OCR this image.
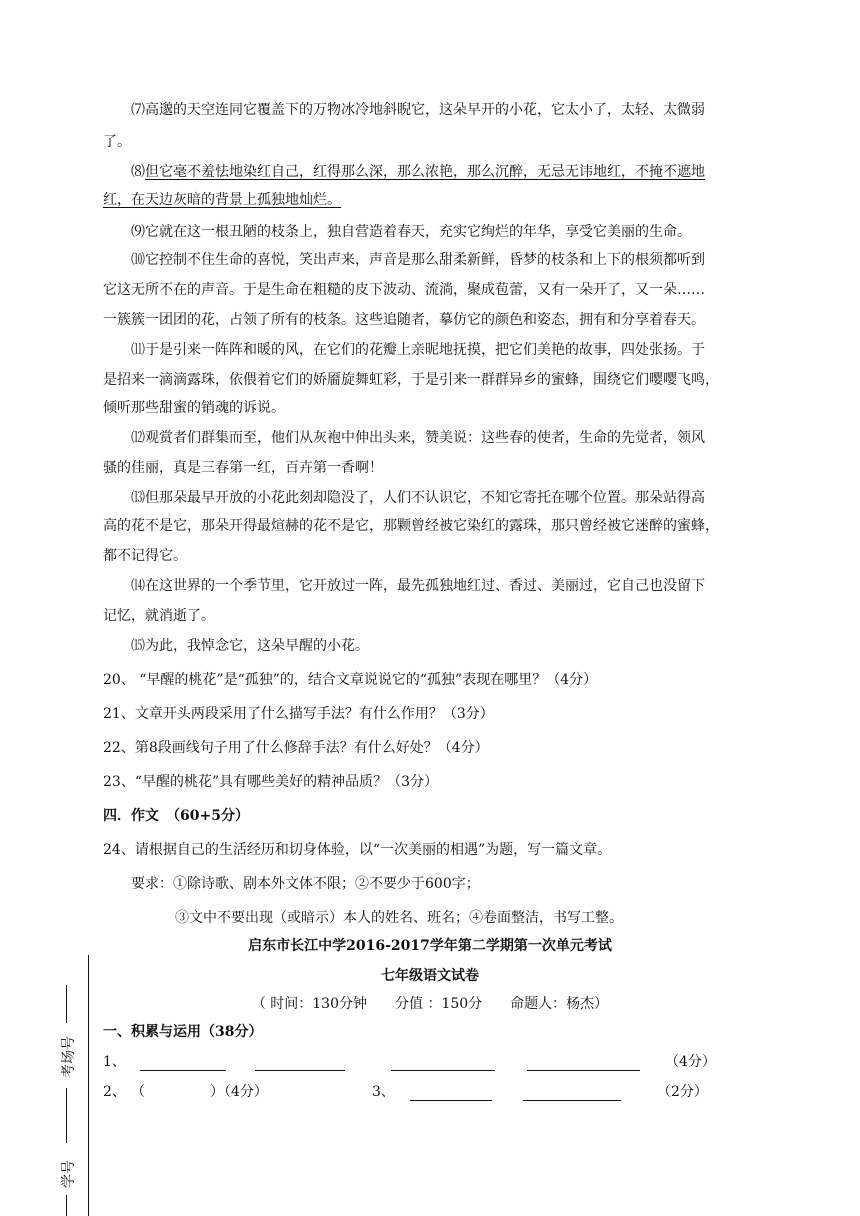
⑺高邈的天空连同它覆盖下的万物冰冷地斜睨它，这朵早开的小花，它太小了，太轻、太微弱
了。
⑻但它毫不羞怯地染红自己，红得那么深，那么浓艳，那么沉醉，无忌无讳地红，不掩不遮地
红，在天边灰暗的背景上孤独地灿烂。
⑼它就在这一根丑陋的枝条上，独自营造着春天，充实它绚烂的年华，享受它美丽的生命。
⑽它控制不住生命的喜悦，笑出声来，声音是那么甜柔新鲜，昏梦的枝条和上下的根须都听到
它这无所不在的声音。于是生命在粗糙的皮下波动、流淌，聚成苞蕾，又有一朵开了，又一朵……
一簇簇一团团的花，占领了所有的枝条。这些追随者，摹仿它的颜色和姿态，拥有和分享着春天。
⑾于是引来一阵阵和暖的风，在它们的花瓣上亲昵地抚摸，把它们美艳的故事，四处张扬。于
是招来一滴滴露珠，依偎着它们的娇靥旋舞虹彩，于是引来一群群异乡的蜜蜂，围绕它们嘤嘤飞鸣，
倾听那些甜蜜的销魂的诉说。
⑿观赏者们群集而至，他们从灰袍中伸出头来，赞美说：这些春的使者，生命的先觉者，领风
骚的佳丽，真是三春第一红，百卉第一香啊！
⒀但那朵最早开放的小花此刻却隐没了，人们不认识它，不知它寄托在哪个位置。那朵站得高
高的花不是它，那朵开得最煊赫的花不是它，那颗曾经被它染红的露珠，那只曾经被它迷醉的蜜蜂，
都不记得它。
⒁在这世界的一个季节里，它开放过一阵，最先孤独地红过、香过、美丽过，它自己也没留下
记忆，就消逝了。
⒂为此，我悼念它，这朵早醒的小花。
20、 “早醒的桃花”是“孤独”的，结合文章说说它的“孤独”表现在哪里？（4分）
21、文章开头两段采用了什么描写手法？有什么作用？（3分）
22、第8段画线句子用了什么修辞手法？有什么好处？（4分）
23、“早醒的桃花”具有哪些美好的精神品质？（3分）
四．作文　（60+5分）
24、请根据自己的生活经历和切身体验，以“一次美丽的相遇”为题，写一篇文章。
要求：①除诗歌、剧本外文体不限；②不要少于600字；
③文中不要出现（或暗示）本人的姓名、班名；④卷面整洁，书写工整。
启东市长江中学2016-2017学年第二学期第一次单元考试
七年级语文试卷
（ 时间：130分钟　　分值 ：150分　　命题人：杨杰）
考场号
学号
一、积累与运用（38分）
1、	（4分）
2、 （	）（4分）	3、	（2分）
